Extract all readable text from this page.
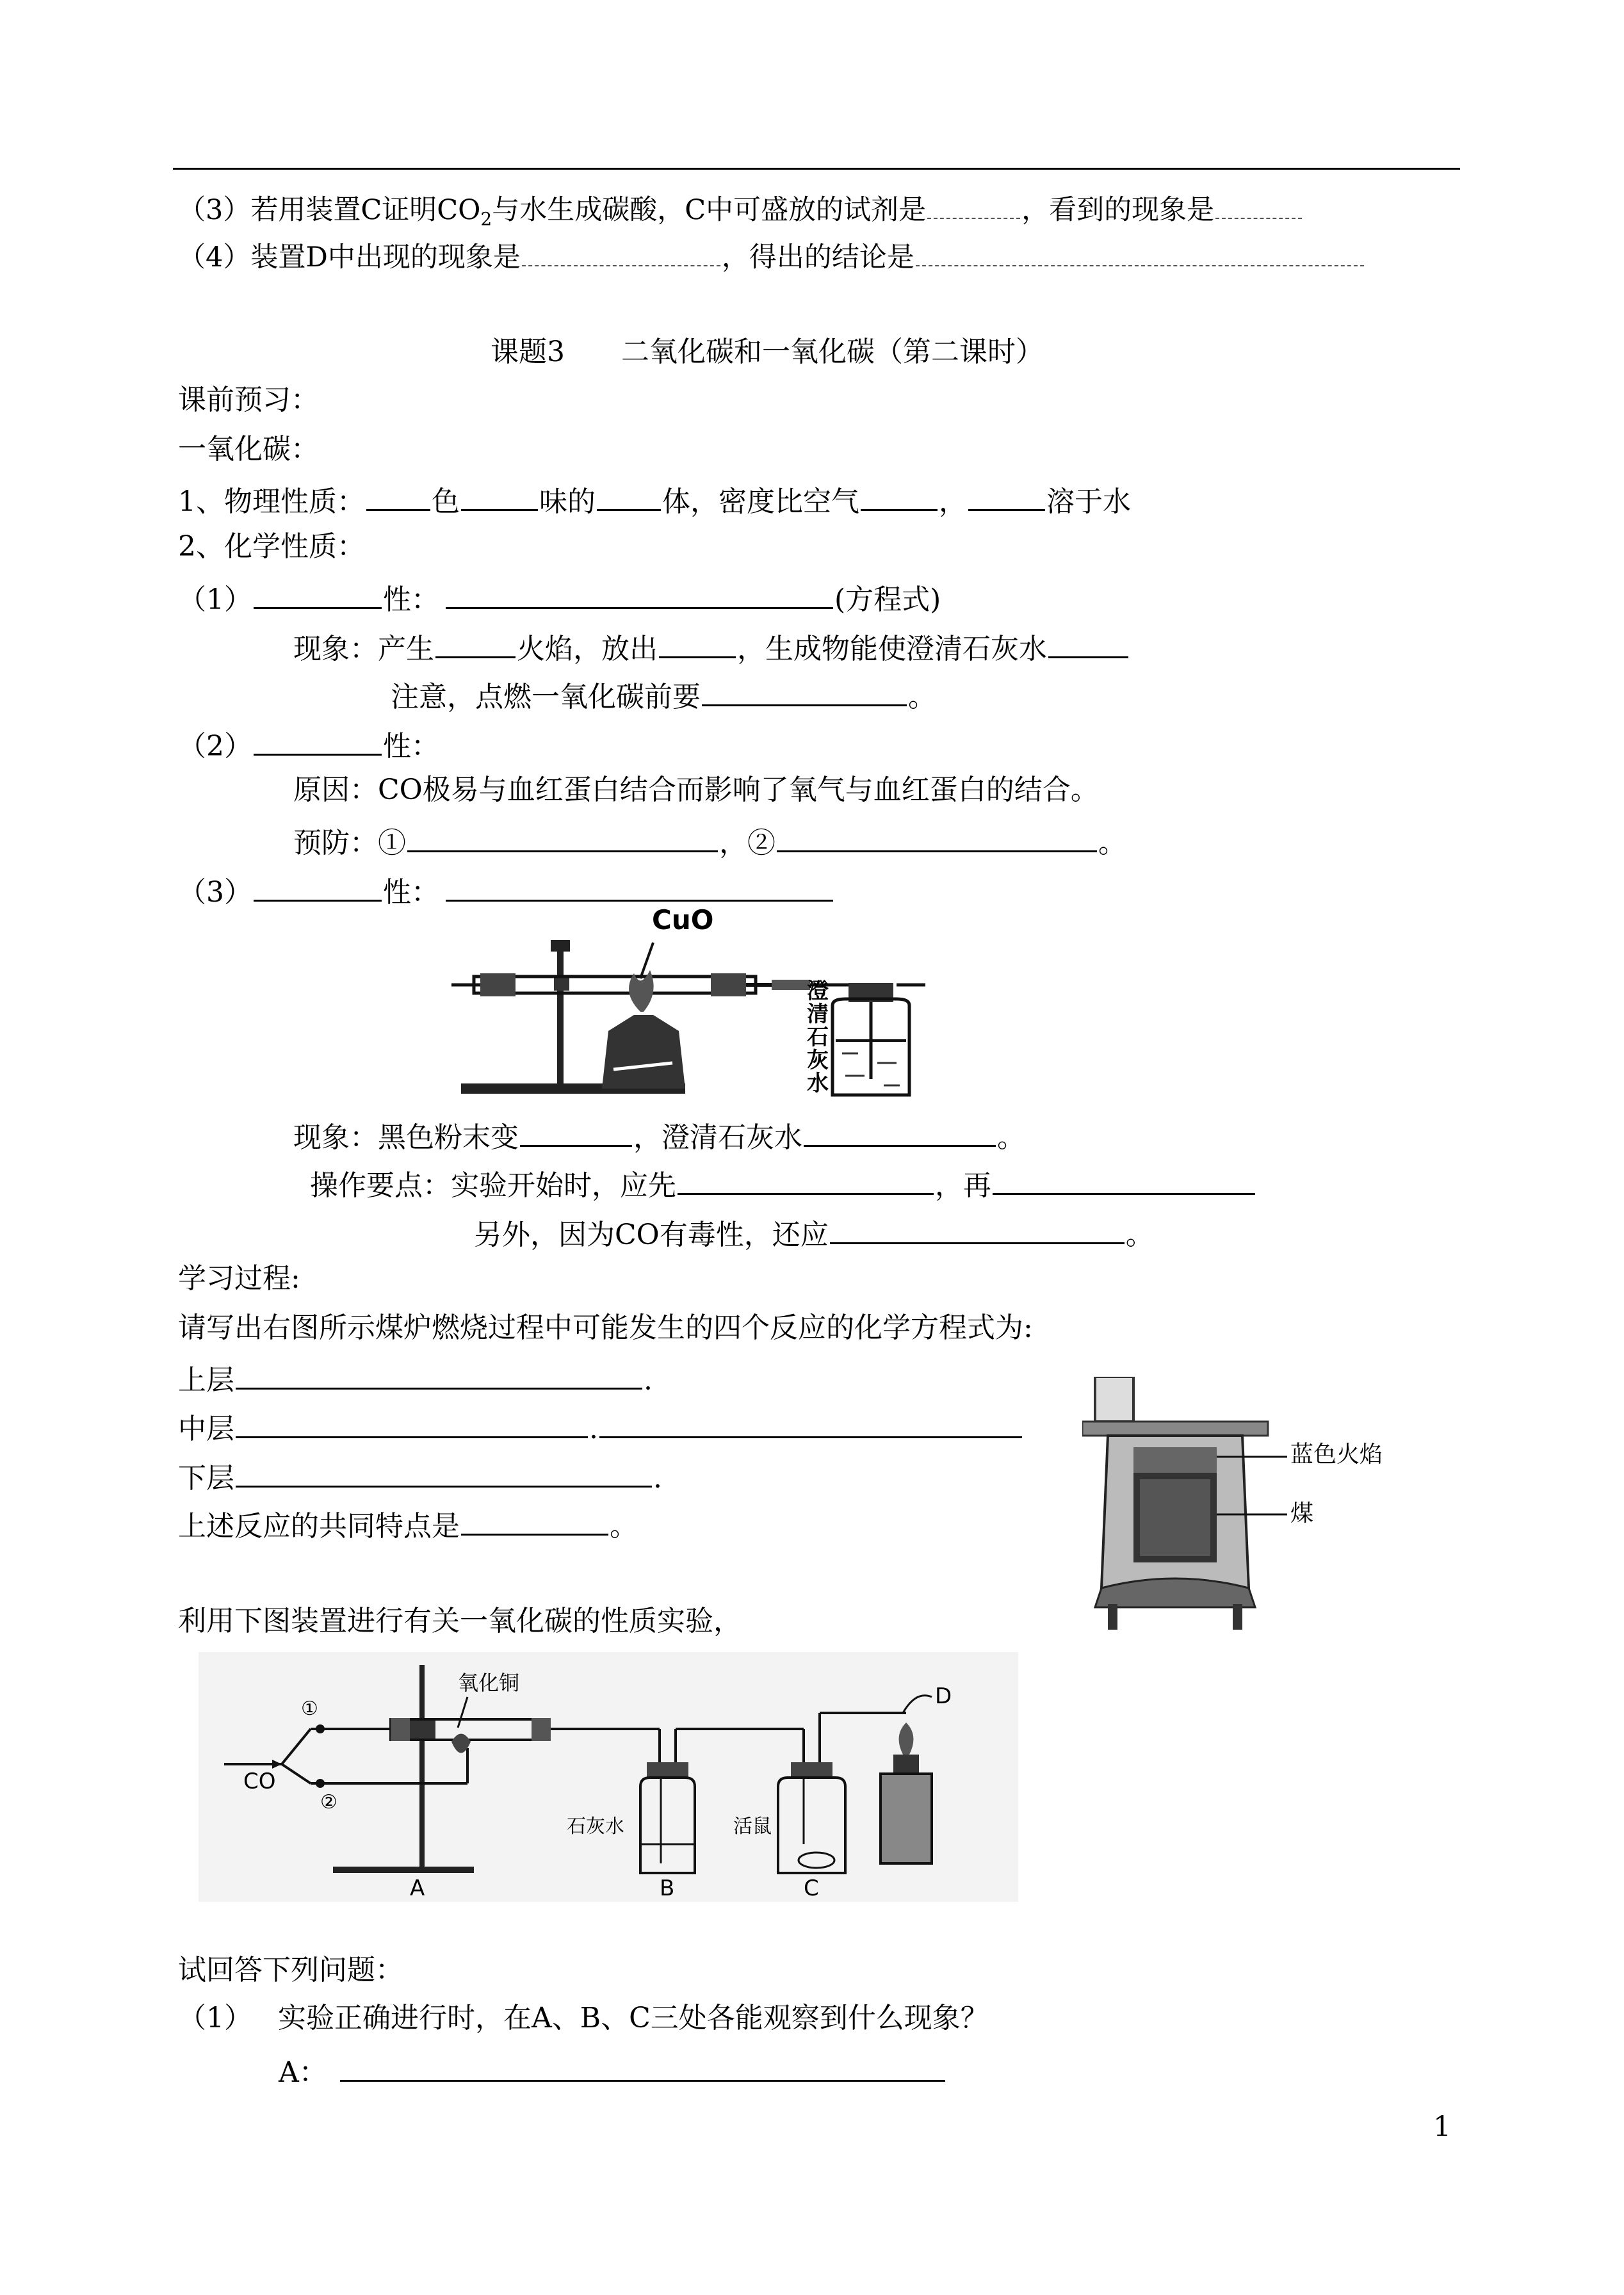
（3）若用装置C证明$CO_2$与水生成碳酸，C中可盛放的试剂是	，看到的现象是
（4）装置D中出现的现象是	，得出的结论是
课题3　　二氧化碳和一氧化碳（第二课时）
课前预习：
一氧化碳：
1、物理性质： 色	味的 体，密度比空气	，	溶于水
2、化学性质：
（1）	性：	(方程式)
现象：产生	火焰，放出	，生成物能使澄清石灰水
注意，点燃一氧化碳前要	。
（2）	性：
原因：CO极易与血红蛋白结合而影响了氧气与血红蛋白的结合。
预防：①	，②	。
（3）	性：
CuO
澄
清
石
灰
水
现象：黑色粉末变	，澄清石灰水	。
操作要点：实验开始时，应先	，再
另外，因为CO有毒性，还应	。
学习过程:
请写出右图所示煤炉燃烧过程中可能发生的四个反应的化学方程式为:
上层	.
中层	.
下层	.
上述反应的共同特点是	。
蓝色火焰
煤
利用下图装置进行有关一氧化碳的性质实验，
①
②
CO
氧化铜
石灰水	活鼠
D
A	B	C
试回答下列问题：
（1） 实验正确进行时，在A、B、C三处各能观察到什么现象？
A：
1
